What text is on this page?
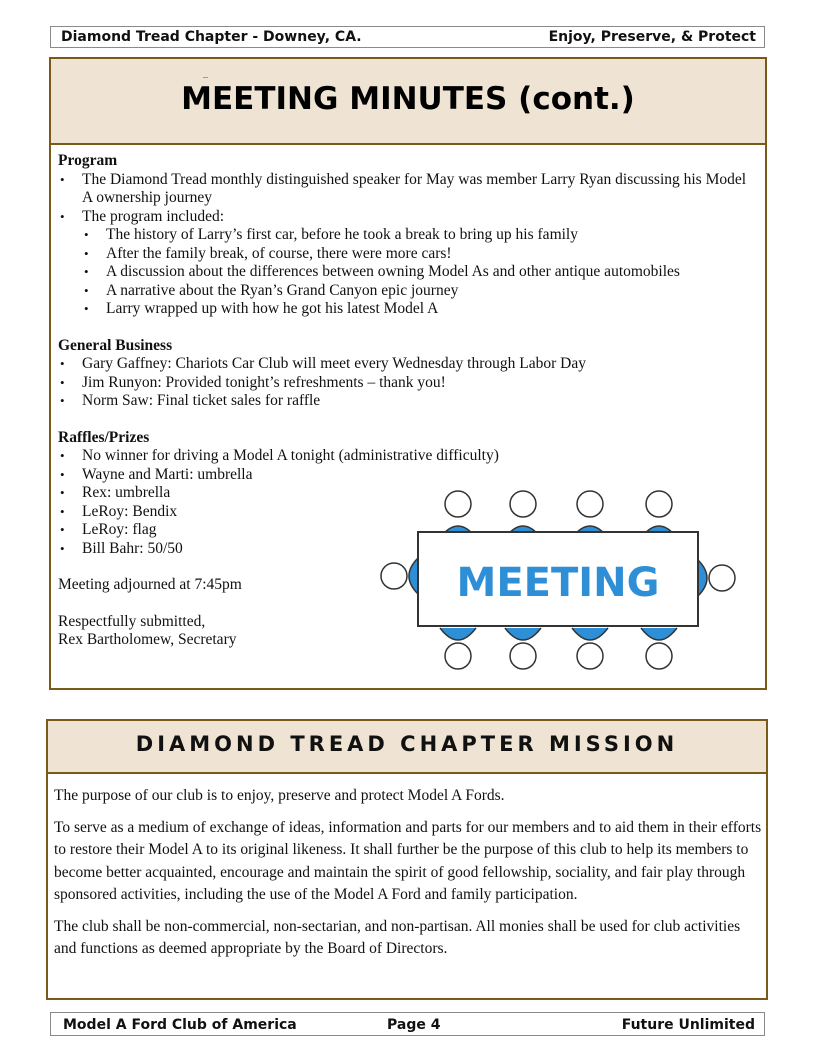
Diamond Tread Chapter - Downey, CA.	Enjoy, Preserve, & Protect
MEETING MINUTES (cont.)
Program
• The Diamond Tread monthly distinguished speaker for May was member Larry Ryan discussing his Model A ownership journey
• The program included:
• The history of Larry’s first car, before he took a break to bring up his family
• After the family break, of course, there were more cars!
• A discussion about the differences between owning Model As and other antique automobiles
• A narrative about the Ryan’s Grand Canyon epic journey
• Larry wrapped up with how he got his latest Model A
General Business
• Gary Gaffney: Chariots Car Club will meet every Wednesday through Labor Day
• Jim Runyon: Provided tonight’s refreshments – thank you!
• Norm Saw: Final ticket sales for raffle
Raffles/Prizes
• No winner for driving a Model A tonight (administrative difficulty)
• Wayne and Marti: umbrella
• Rex: umbrella
• LeRoy: Bendix
• LeRoy: flag
• Bill Bahr: 50/50
Meeting adjourned at 7:45pm
Respectfully submitted,
Rex Bartholomew, Secretary
MEETING
DIAMOND TREAD CHAPTER MISSION

The purpose of our club is to enjoy, preserve and protect Model A Fords.

To serve as a medium of exchange of ideas, information and parts for our members and to aid them in their efforts to restore their Model A to its original likeness. It shall further be the purpose of this club to help its members to become better acquainted, encourage and maintain the spirit of good fellowship, sociality, and fair play through sponsored activities, including the use of the Model A Ford and family participation.

The club shall be non-commercial, non-sectarian, and non-partisan. All monies shall be used for club activities and functions as deemed appropriate by the Board of Directors.

Model A Ford Club of America	Page 4	Future Unlimited
